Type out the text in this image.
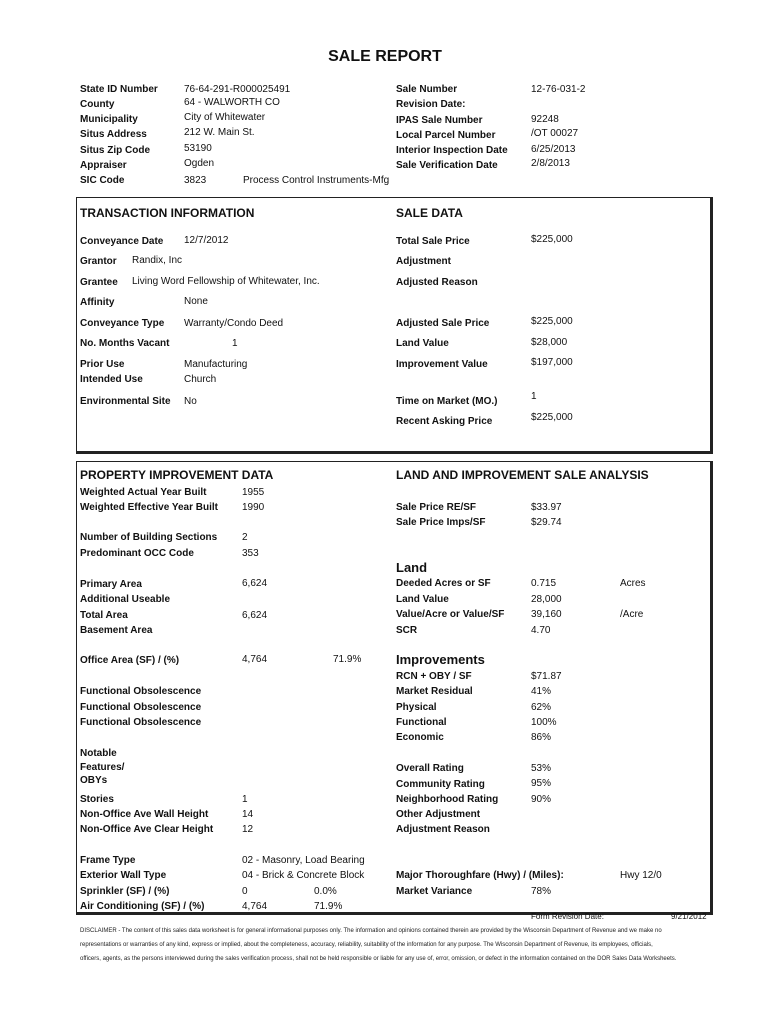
SALE REPORT
State ID Number	76-64-291-R000025491
County	64 - WALWORTH CO
Municipality	City of Whitewater
Situs Address	212 W. Main St.
Situs Zip Code	53190
Appraiser	Ogden
SIC Code	3823	Process Control Instruments-Mfg
Sale Number	12-76-031-2
Revision Date:
IPAS Sale Number	92248
Local Parcel Number	/OT 00027
Interior Inspection Date 6/25/2013
Sale Verification Date	2/8/2013
TRANSACTION INFORMATION	SALE DATA
Conveyance Date 12/7/2012
Grantor Randix, Inc
Grantee Living Word Fellowship of Whitewater, Inc.
Affinity	None
Conveyance Type Warranty/Condo Deed
No. Months Vacant	1
Prior Use	Manufacturing
Intended Use	Church
Environmental Site No
Total Sale Price	$225,000
Adjustment
Adjusted Reason
Adjusted Sale Price	$225,000
Land Value	$28,000
Improvement Value	$197,000
Time on Market (MO.)	1
Recent Asking Price	$225,000
PROPERTY IMPROVEMENT DATA	LAND AND IMPROVEMENT SALE ANALYSIS
Weighted Actual Year Built	1955
Weighted Effective Year Built 1990
Number of Building Sections 2
Predominant OCC Code	353
Primary Area	6,624
Additional Useable
Total Area	6,624
Basement Area
Office Area (SF) / (%)	4,764	71.9%
Functional Obsolescence
Functional Obsolescence
Functional Obsolescence
Notable
Features/
OBYs
Stories	1
Non-Office Ave Wall Height	14
Non-Office Ave Clear Height	12
Frame Type	02 - Masonry, Load Bearing
Exterior Wall Type	04 - Brick & Concrete Block
Sprinkler (SF) / (%)	0	0.0%
Air Conditioning (SF) / (%)	4,764	71.9%
Sale Price RE/SF	$33.97
Sale Price Imps/SF	$29.74
Land
Deeded Acres or SF	0.715	Acres
Land Value	28,000
Value/Acre or Value/SF	39,160	/Acre
SCR	4.70
Improvements
RCN + OBY / SF	$71.87
Market Residual	41%
Physical	62%
Functional	100%
Economic	86%
Overall Rating	53%
Community Rating	95%
Neighborhood Rating	90%
Other Adjustment
Adjustment Reason
Major Thoroughfare (Hwy) / (Miles):	Hwy 12/0
Market Variance	78%
Form Revision Date:	9/21/2012
DISCLAIMER - The content of this sales data worksheet is for general informational purposes only. The information and opinions contained therein are provided by the Wisconsin Department of Revenue and we make no
representations or warranties of any kind, express or implied, about the completeness, accuracy, reliability, suitability of the information for any purpose. The Wisconsin Department of Revenue, its employees, officials,
officers, agents, as the persons interviewed during the sales verification process, shall not be held responsible or liable for any use of, error, omission, or defect in the information contained on the DOR Sales Data Worksheets.
